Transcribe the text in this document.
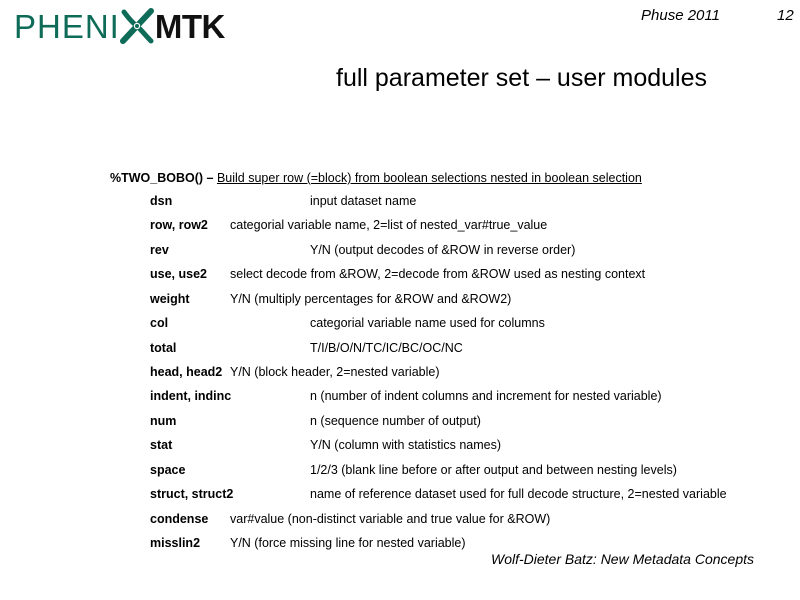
PHENI MTK	Phuse 2011	12
full parameter set – user modules
%TWO_BOBO() – Build super row (=block) from boolean selections nested in boolean selection
dsn	input dataset name
row, row2 categorial variable name, 2=list of nested_var#true_value
rev	Y/N (output decodes of &ROW in reverse order)
use, use2 select decode from &ROW, 2=decode from &ROW used as nesting context
weight	Y/N (multiply percentages for &ROW and &ROW2)
col	categorial variable name used for columns
total	T/I/B/O/N/TC/IC/BC/OC/NC
head, head2 Y/N (block header, 2=nested variable)
indent, indinc	n (number of indent columns and increment for nested variable)
num	n (sequence number of output)
stat	Y/N (column with statistics names)
space	1/2/3 (blank line before or after output and between nesting levels)
struct, struct2	name of reference dataset used for full decode structure, 2=nested variable
condense var#value (non-distinct variable and true value for &ROW)
misslin2 Y/N (force missing line for nested variable)
Wolf-Dieter Batz: New Metadata Concepts
